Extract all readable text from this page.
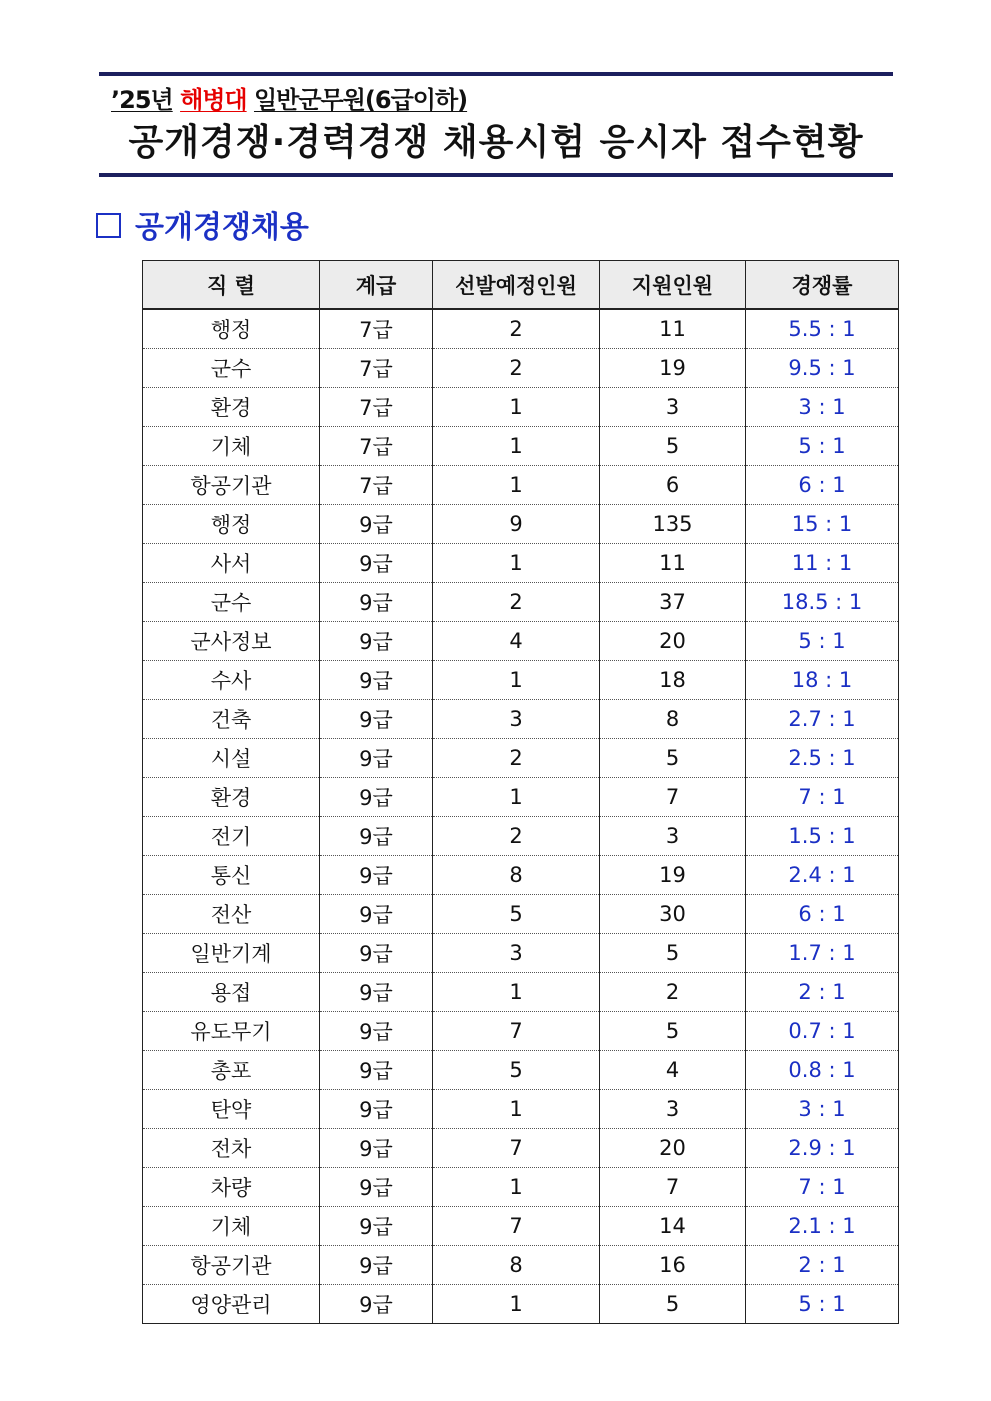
’25년 해병대 일반군무원(6급이하)
공개경쟁·경력경쟁 채용시험 응시자 접수현황
공개경쟁채용
직 렬	계급	선발예정인원	지원인원	경쟁률
행정	7급	2	11	5.5 : 1
군수	7급	2	19	9.5 : 1
환경	7급	1	3	3 : 1
기체	7급	1	5	5 : 1
항공기관	7급	1	6	6 : 1
행정	9급	9	135	15 : 1
사서	9급	1	11	11 : 1
군수	9급	2	37	18.5 : 1
군사정보	9급	4	20	5 : 1
수사	9급	1	18	18 : 1
건축	9급	3	8	2.7 : 1
시설	9급	2	5	2.5 : 1
환경	9급	1	7	7 : 1
전기	9급	2	3	1.5 : 1
통신	9급	8	19	2.4 : 1
전산	9급	5	30	6 : 1
일반기계	9급	3	5	1.7 : 1
용접	9급	1	2	2 : 1
유도무기	9급	7	5	0.7 : 1
총포	9급	5	4	0.8 : 1
탄약	9급	1	3	3 : 1
전차	9급	7	20	2.9 : 1
차량	9급	1	7	7 : 1
기체	9급	7	14	2.1 : 1
항공기관	9급	8	16	2 : 1
영양관리	9급	1	5	5 : 1
